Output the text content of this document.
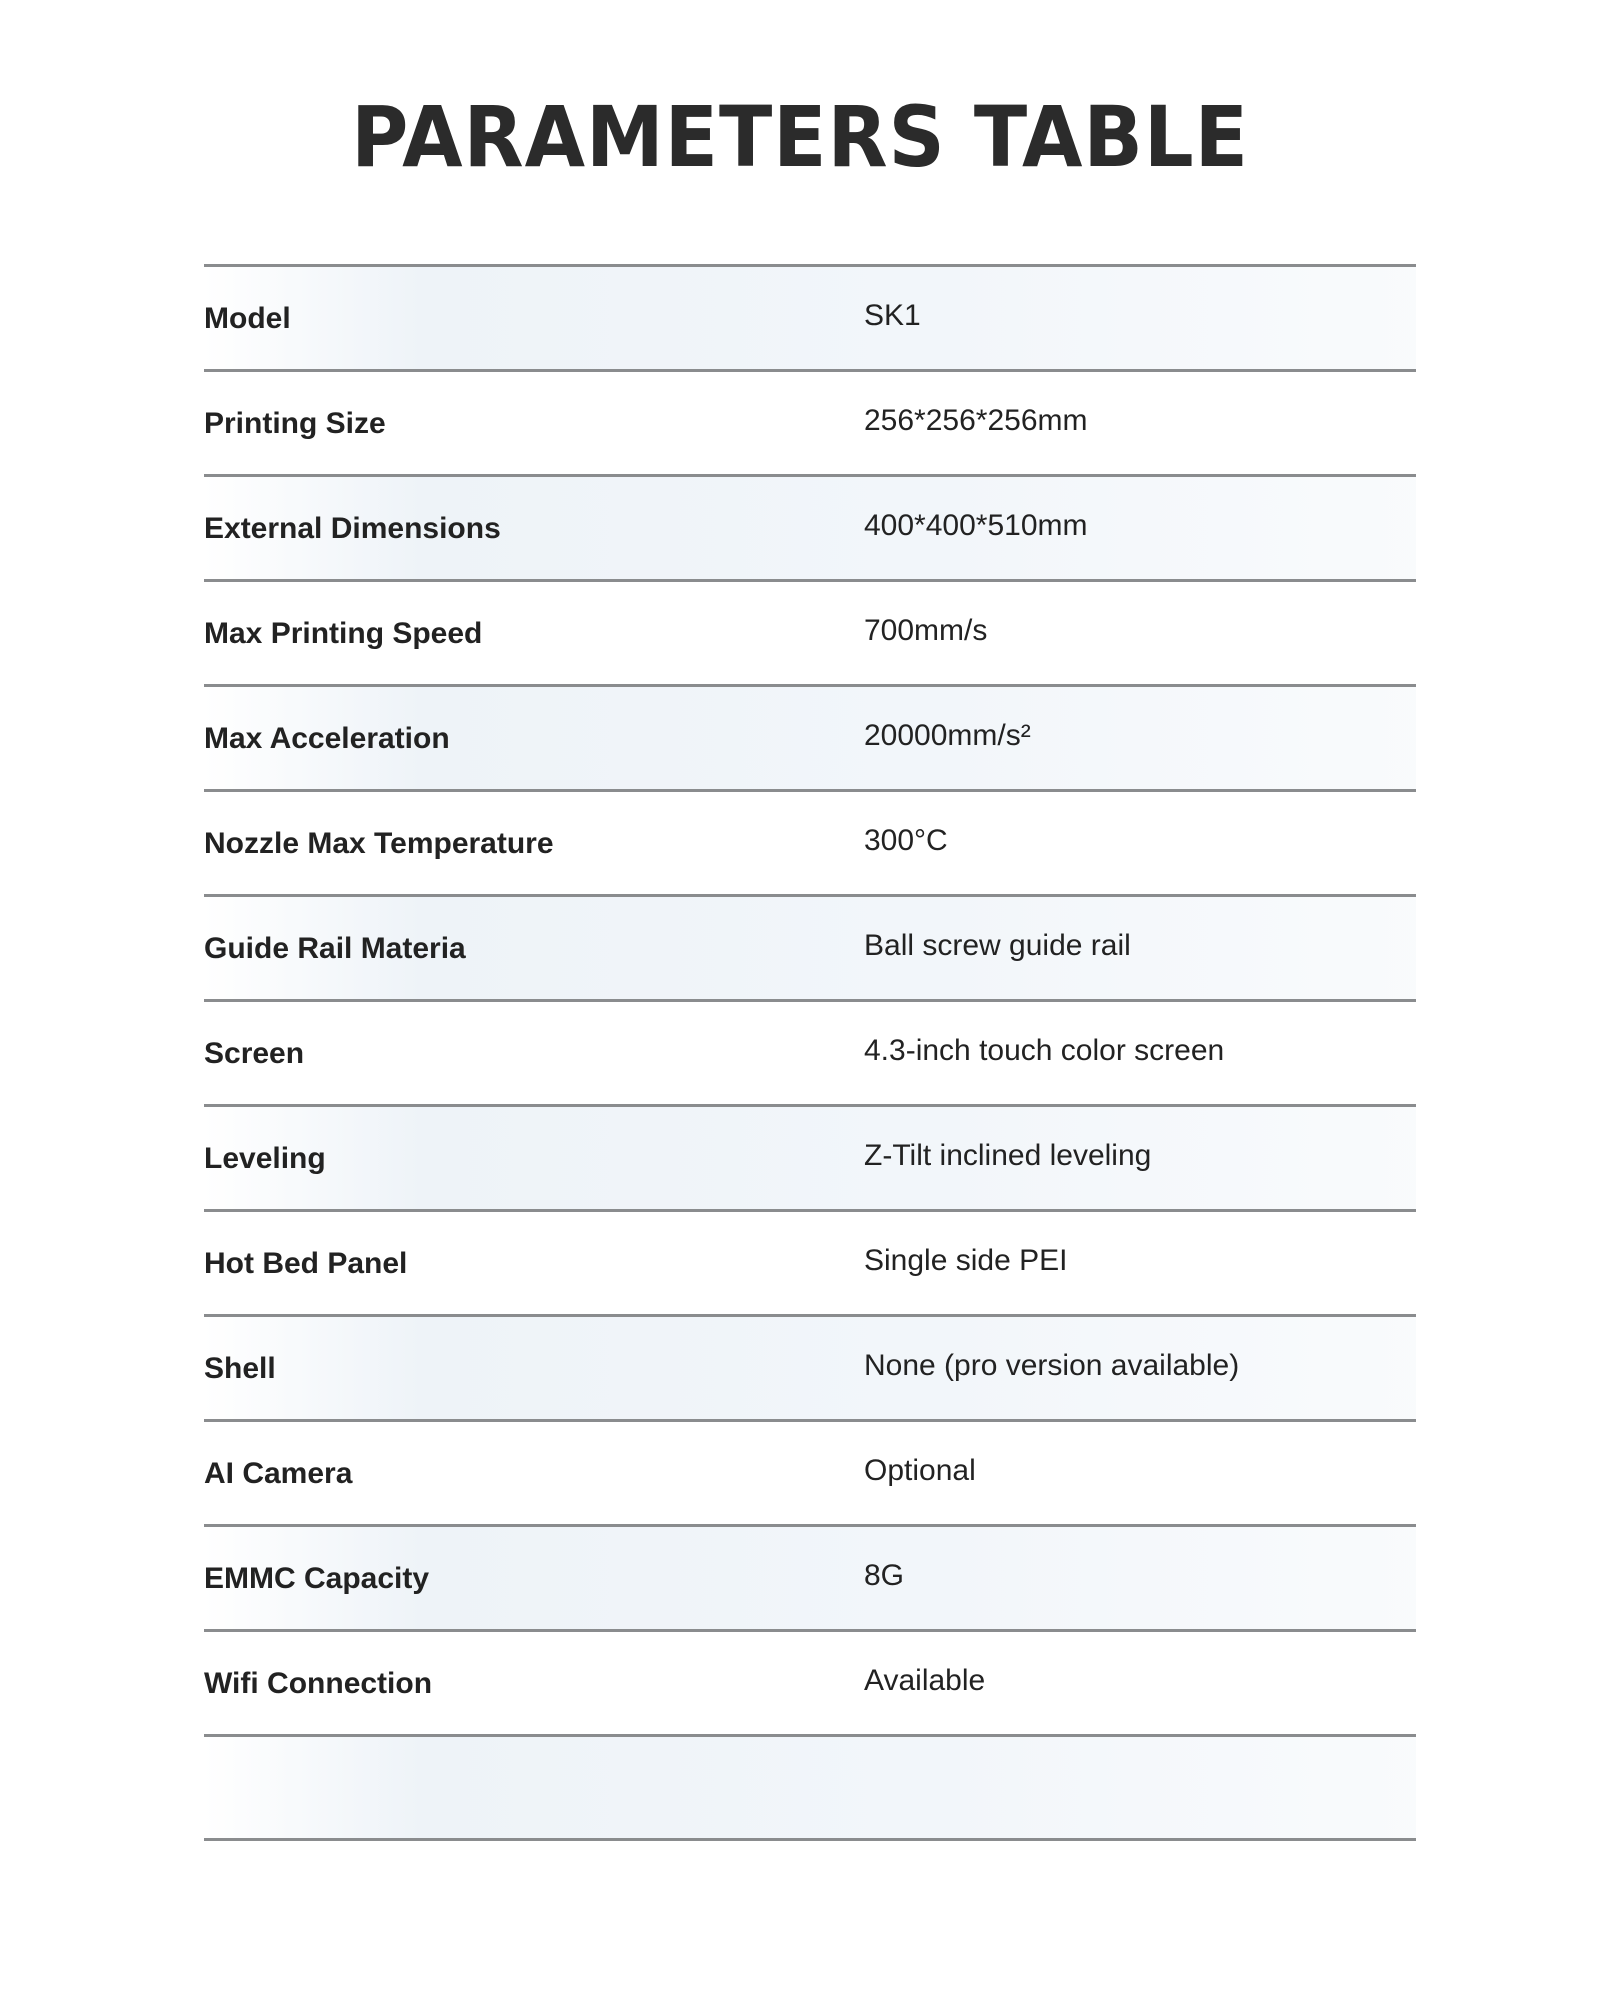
PARAMETERS TABLE
Model	SK1
Printing Size	256*256*256mm
External Dimensions	400*400*510mm
Max Printing Speed	700mm/s
Max Acceleration	20000mm/s²
Nozzle Max Temperature	300°C
Guide Rail Materia	Ball screw guide rail
Screen	4.3-inch touch color screen
Leveling	Z-Tilt inclined leveling
Hot Bed Panel	Single side PEI
Shell	None (pro version available)
AI Camera	Optional
EMMC Capacity	8G
Wifi Connection	Available
